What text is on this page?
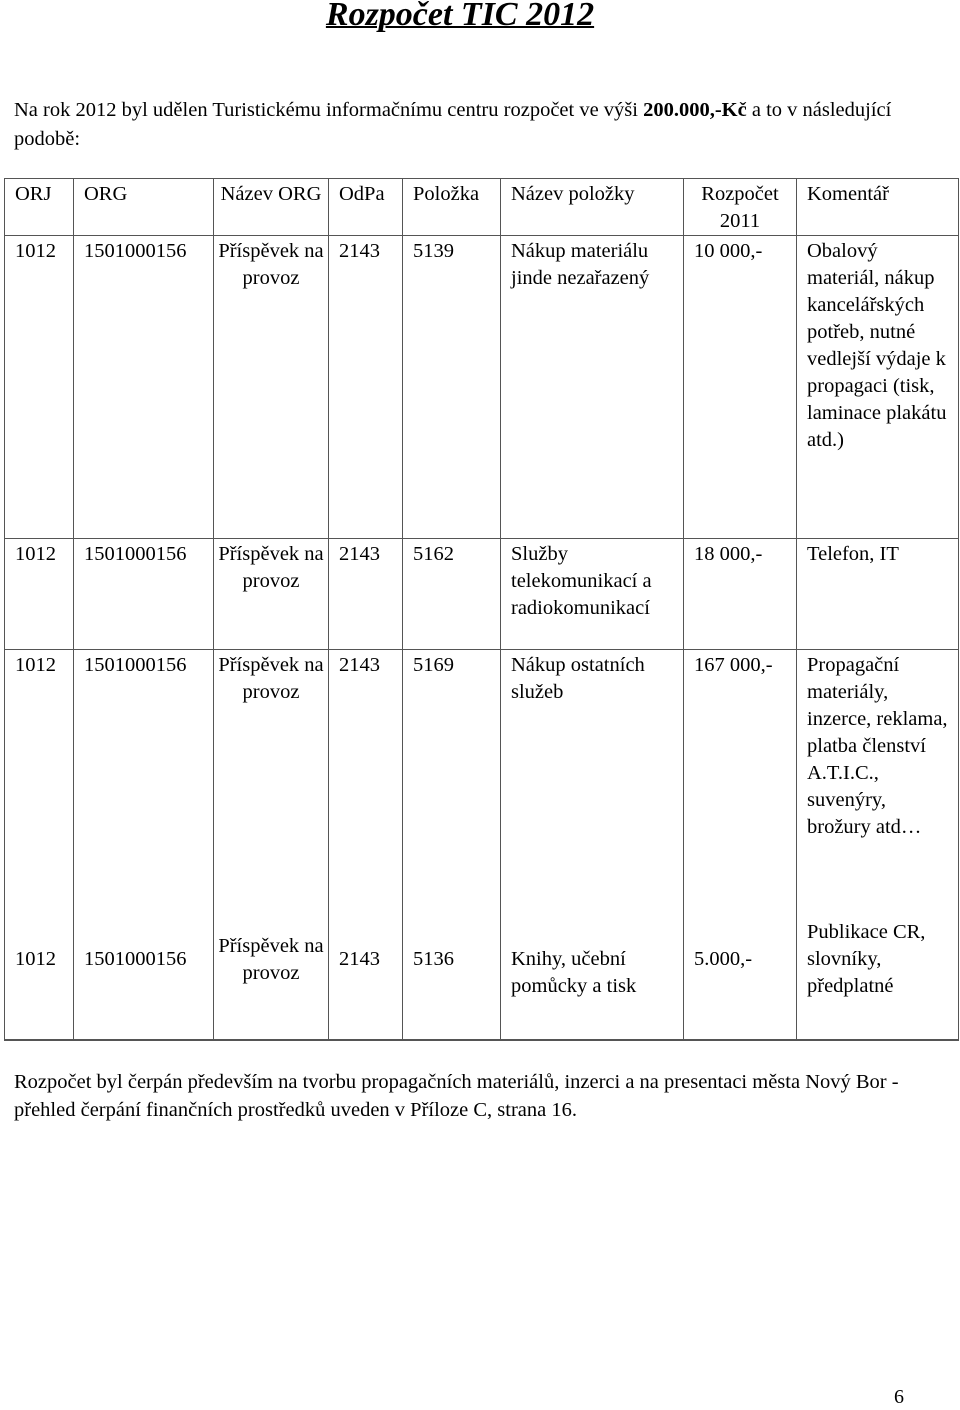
Rozpočet TIC 2012

Na rok 2012 byl udělen Turistickému informačnímu centru rozpočet ve výši 200.000,-Kč a to v následující podobě:

ORJ	ORG	Název ORG	OdPa	Položka	Název položky	Rozpočet 2011	Komentář
1012	1501000156	Příspěvek na provoz	2143	5139	Nákup materiálu jinde nezařazený	10 000,-	Obalový materiál, nákup kancelářských potřeb, nutné vedlejší výdaje k propagaci (tisk, laminace plakátu atd.)
1012	1501000156	Příspěvek na provoz	2143	5162	Služby telekomunikací a radiokomunikací	18 000,-	Telefon, IT
1012	1501000156	Příspěvek na provoz	2143	5169	Nákup ostatních služeb	167 000,-	Propagační materiály, inzerce, reklama, platba členství A.T.I.C., suvenýry, brožury atd…
1012	1501000156	Příspěvek na provoz	2143	5136	Knihy, učební pomůcky a tisk	5.000,-	Publikace CR, slovníky, předplatné

Rozpočet byl čerpán především na tvorbu propagačních materiálů, inzerci a na presentaci města Nový Bor - přehled čerpání finančních prostředků uveden v Příloze C, strana 16.

6
